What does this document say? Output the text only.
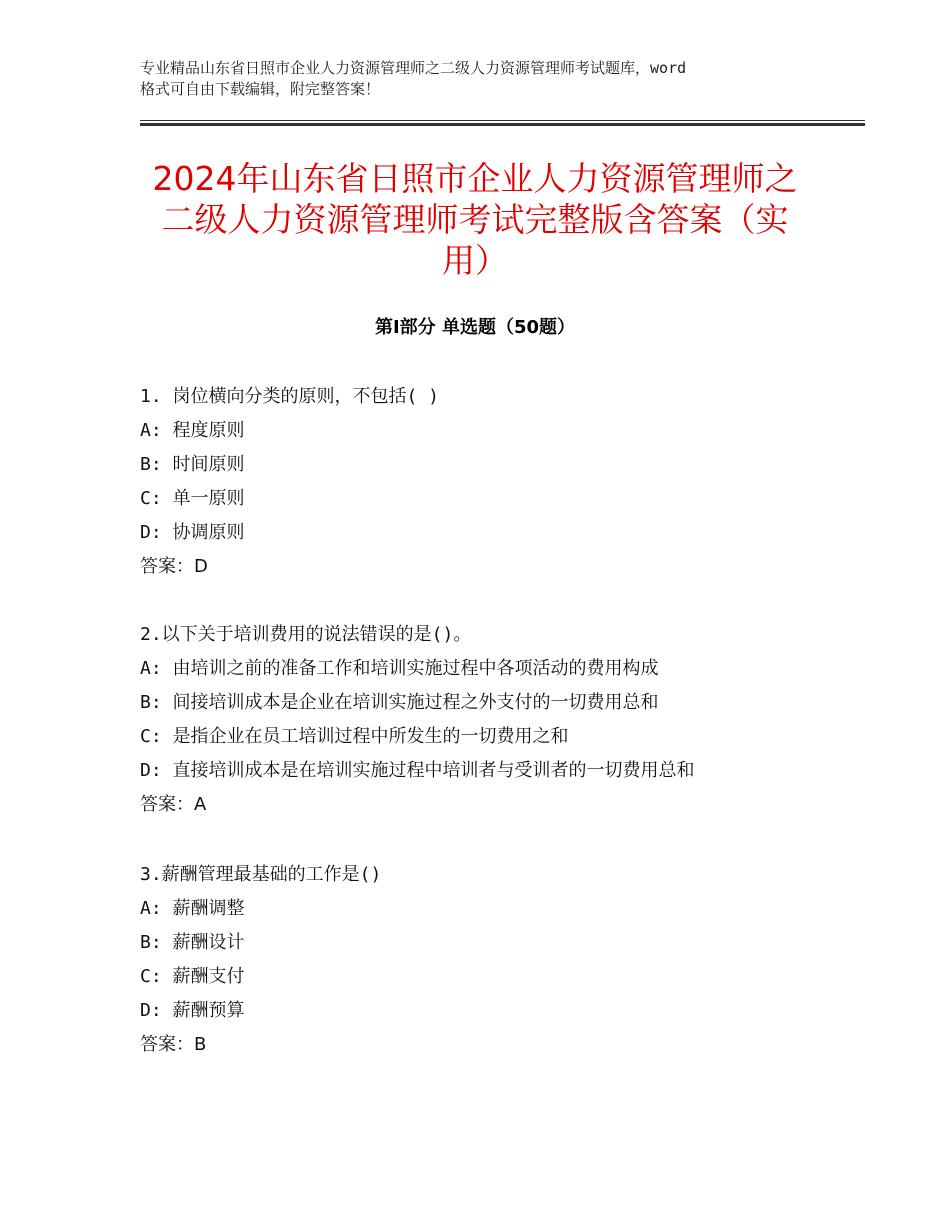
专业精品山东省日照市企业人力资源管理师之二级人力资源管理师考试题库，word
格式可自由下载编辑，附完整答案！
2024年山东省日照市企业人力资源管理师之
二级人力资源管理师考试完整版含答案（实
用）
第Ⅰ部分 单选题（50题）
1. 岗位横向分类的原则，不包括( )
A: 程度原则
B: 时间原则
C: 单一原则
D: 协调原则
答案：D
2.以下关于培训费用的说法错误的是()。
A: 由培训之前的准备工作和培训实施过程中各项活动的费用构成
B: 间接培训成本是企业在培训实施过程之外支付的一切费用总和
C: 是指企业在员工培训过程中所发生的一切费用之和
D: 直接培训成本是在培训实施过程中培训者与受训者的一切费用总和
答案：A
3.薪酬管理最基础的工作是()
A: 薪酬调整
B: 薪酬设计
C: 薪酬支付
D: 薪酬预算
答案：B
